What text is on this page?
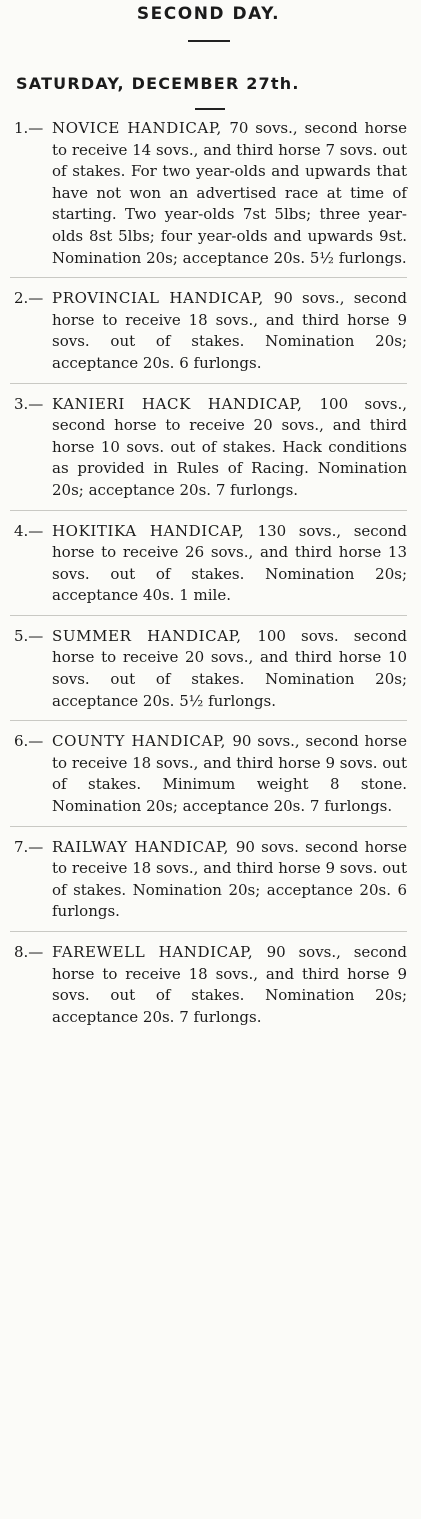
SECOND DAY.
SATURDAY, DECEMBER 27th.
1.— NOVICE HANDICAP, 70 sovs., second horse to receive 14 sovs., and third horse 7 sovs. out of stakes. For two year-olds and upwards that have not won an advertised race at time of starting. Two year-olds 7st 5lbs; three year-olds 8st 5lbs; four year-olds and upwards 9st. Nomination 20s; acceptance 20s. 5½ furlongs.
2.— PROVINCIAL HANDICAP, 90 sovs., second horse to receive 18 sovs., and third horse 9 sovs. out of stakes. Nomination 20s; acceptance 20s. 6 furlongs.
3.— KANIERI HACK HANDICAP, 100 sovs., second horse to receive 20 sovs., and third horse 10 sovs. out of stakes. Hack conditions as provided in Rules of Racing. Nomination 20s; acceptance 20s. 7 furlongs.
4.— HOKITIKA HANDICAP, 130 sovs., second horse to receive 26 sovs., and third horse 13 sovs. out of stakes. Nomination 20s; acceptance 40s. 1 mile.
5.— SUMMER HANDICAP, 100 sovs. second horse to receive 20 sovs., and third horse 10 sovs. out of stakes. Nomination 20s; acceptance 20s. 5½ furlongs.
6.— COUNTY HANDICAP, 90 sovs., second horse to receive 18 sovs., and third horse 9 sovs. out of stakes. Minimum weight 8 stone. Nomination 20s; acceptance 20s. 7 furlongs.
7.— RAILWAY HANDICAP, 90 sovs. second horse to receive 18 sovs., and third horse 9 sovs. out of stakes. Nomination 20s; acceptance 20s. 6 furlongs.
8.— FAREWELL HANDICAP, 90 sovs., second horse to receive 18 sovs., and third horse 9 sovs. out of stakes. Nomination 20s; acceptance 20s. 7 furlongs.
